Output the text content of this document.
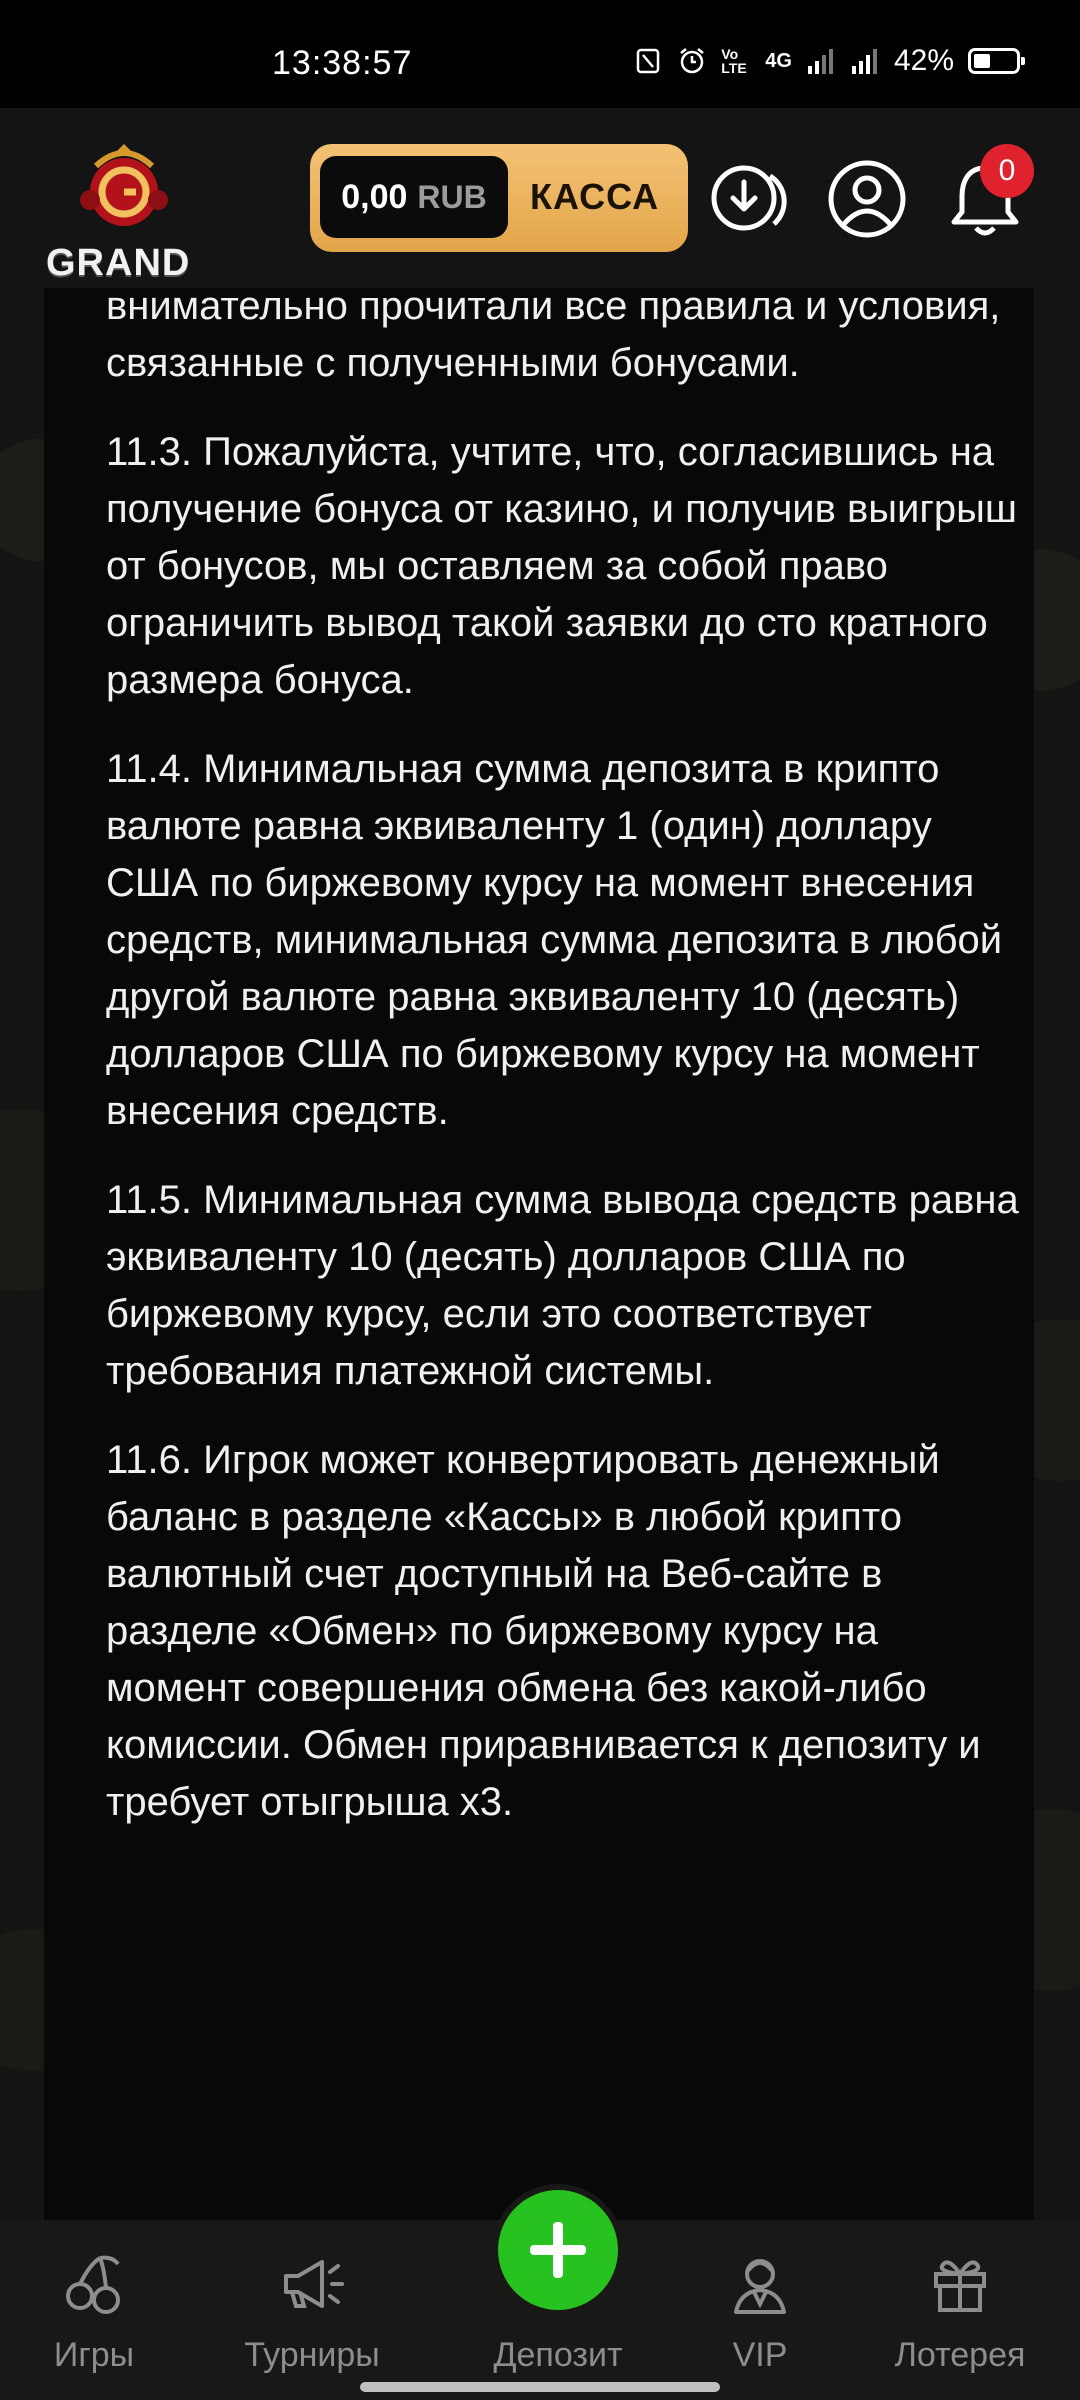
13:38:57	Vo LTE 4G	42%
GRAND
0,00 RUB КАССА
0

внимательно прочитали все правила и условия, связанные с полученными бонусами.

11.3. Пожалуйста, учтите, что, согласившись на получение бонуса от казино, и получив выигрыш от бонусов, мы оставляем за собой право ограничить вывод такой заявки до сто кратного размера бонуса.

11.4. Минимальная сумма депозита в крипто валюте равна эквиваленту 1 (один) доллару США по биржевому курсу на момент внесения средств, минимальная сумма депозита в любой другой валюте равна эквиваленту 10 (десять) долларов США по биржевому курсу на момент внесения средств.

11.5. Минимальная сумма вывода средств равна эквиваленту 10 (десять) долларов США по биржевому курсу, если это соответствует требования платежной системы.

11.6. Игрок может конвертировать денежный баланс в разделе «Кассы» в любой крипто валютный счет доступный на Веб-сайте в разделе «Обмен» по биржевому курсу на момент совершения обмена без какой-либо комиссии. Обмен приравнивается к депозиту и требует отыгрыша х3.

Игры	Турниры	Депозит	VIP	Лотерея
